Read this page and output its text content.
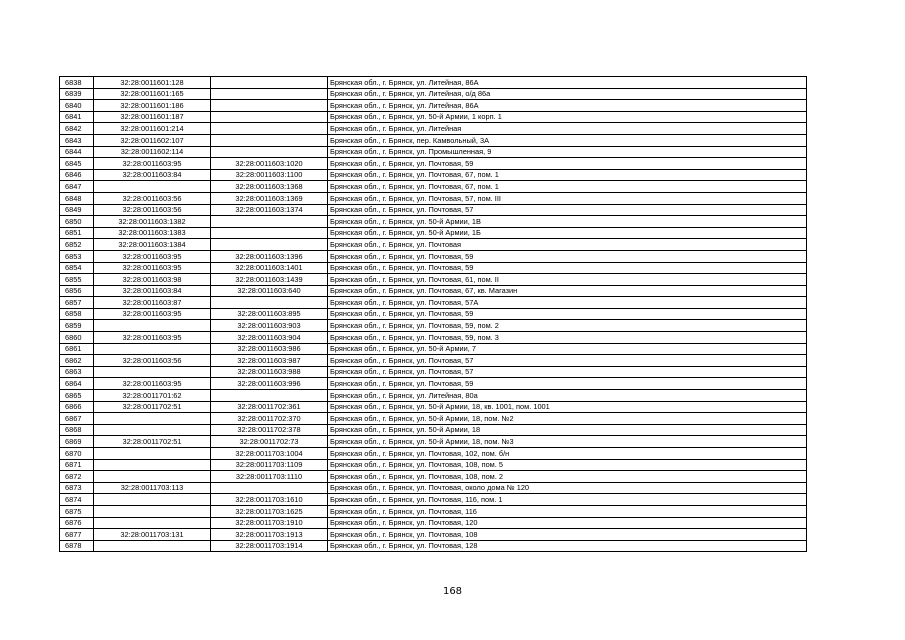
6838	32:28:0011601:128		Брянская обл., г. Брянск, ул. Литейная, 86А
6839	32:28:0011601:165		Брянская обл., г. Брянск, ул. Литейная, о/д 86а
6840	32:28:0011601:186		Брянская обл., г. Брянск, ул. Литейная, 86А
6841	32:28:0011601:187		Брянская обл., г. Брянск, ул. 50-й Армии, 1 корп. 1
6842	32:28:0011601:214		Брянская обл., г. Брянск, ул. Литейная
6843	32:28:0011602:107		Брянская обл., г. Брянск, пер. Камвольный, 3А
6844	32:28:0011602:114		Брянская обл., г. Брянск, ул. Промышленная, 9
6845	32:28:0011603:95	32:28:0011603:1020	Брянская обл., г. Брянск, ул. Почтовая, 59
6846	32:28:0011603:84	32:28:0011603:1100	Брянская обл., г. Брянск, ул. Почтовая, 67, пом. 1
6847		32:28:0011603:1368	Брянская обл., г. Брянск, ул. Почтовая, 67, пом. 1
6848	32:28:0011603:56	32:28:0011603:1369	Брянская обл., г. Брянск, ул. Почтовая, 57, пом. III
6849	32:28:0011603:56	32:28:0011603:1374	Брянская обл., г. Брянск, ул. Почтовая, 57
6850	32:28:0011603:1382		Брянская обл., г. Брянск, ул. 50-й Армии, 1В
6851	32:28:0011603:1383		Брянская обл., г. Брянск, ул. 50-й Армии, 1Б
6852	32:28:0011603:1384		Брянская обл., г. Брянск, ул. Почтовая
6853	32:28:0011603:95	32:28:0011603:1396	Брянская обл., г. Брянск, ул. Почтовая, 59
6854	32:28:0011603:95	32:28:0011603:1401	Брянская обл., г. Брянск, ул. Почтовая, 59
6855	32:28:0011603:98	32:28:0011603:1439	Брянская обл., г. Брянск, ул. Почтовая, 61, пом. II
6856	32:28:0011603:84	32:28:0011603:640	Брянская обл., г. Брянск, ул. Почтовая, 67, кв. Магазин
6857	32:28:0011603:87		Брянская обл., г. Брянск, ул. Почтовая, 57А
6858	32:28:0011603:95	32:28:0011603:895	Брянская обл., г. Брянск, ул. Почтовая, 59
6859		32:28:0011603:903	Брянская обл., г. Брянск, ул. Почтовая, 59, пом. 2
6860	32:28:0011603:95	32:28:0011603:904	Брянская обл., г. Брянск, ул. Почтовая, 59, пом. 3
6861		32:28:0011603:986	Брянская обл., г. Брянск, ул. 50-й Армии, 7
6862	32:28:0011603:56	32:28:0011603:987	Брянская обл., г. Брянск, ул. Почтовая, 57
6863		32:28:0011603:988	Брянская обл., г. Брянск, ул. Почтовая, 57
6864	32:28:0011603:95	32:28:0011603:996	Брянская обл., г. Брянск, ул. Почтовая, 59
6865	32:28:0011701:62		Брянская обл., г. Брянск, ул. Литейная, 80а
6866	32:28:0011702:51	32:28:0011702:361	Брянская обл., г. Брянск, ул. 50-й Армии, 18, кв. 1001, пом. 1001
6867		32:28:0011702:370	Брянская обл., г. Брянск, ул. 50-й Армии, 18, пом. №2
6868		32:28:0011702:378	Брянская обл., г. Брянск, ул. 50-й Армии, 18
6869	32:28:0011702:51	32:28:0011702:73	Брянская обл., г. Брянск, ул. 50-й Армии, 18, пом. №3
6870		32:28:0011703:1004	Брянская обл., г. Брянск, ул. Почтовая, 102, пом. б/н
6871		32:28:0011703:1109	Брянская обл., г. Брянск, ул. Почтовая, 108, пом. 5
6872		32:28:0011703:1110	Брянская обл., г. Брянск, ул. Почтовая, 108, пом. 2
6873	32:28:0011703:113		Брянская обл., г. Брянск, ул. Почтовая, около дома № 120
6874		32:28:0011703:1610	Брянская обл., г. Брянск, ул. Почтовая, 116, пом. 1
6875		32:28:0011703:1625	Брянская обл., г. Брянск, ул. Почтовая, 116
6876		32:28:0011703:1910	Брянская обл., г. Брянск, ул. Почтовая, 120
6877	32:28:0011703:131	32:28:0011703:1913	Брянская обл., г. Брянск, ул. Почтовая, 108
6878		32:28:0011703:1914	Брянская обл., г. Брянск, ул. Почтовая, 128
168
